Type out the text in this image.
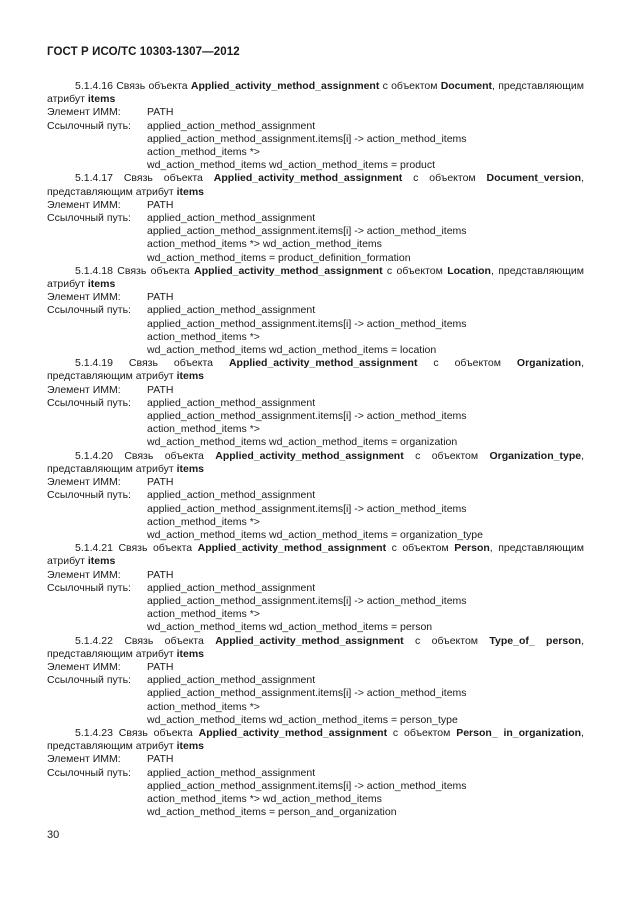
ГОСТ Р ИСО/ТС 10303-1307—2012

5.1.4.16 Связь объекта Applied_activity_method_assignment с объектом Document, представляющим атрибут items

Элемент ИММ:	PATH
Ссылочный путь:	applied_action_method_assignment
applied_action_method_assignment.items[i] -> action_method_items
action_method_items *>
wd_action_method_items wd_action_method_items = product

5.1.4.17 Связь объекта Applied_activity_method_assignment с объектом Document_version, представляющим атрибут items

Элемент ИММ:	PATH
Ссылочный путь:	applied_action_method_assignment
applied_action_method_assignment.items[i] -> action_method_items
action_method_items *> wd_action_method_items
wd_action_method_items = product_definition_formation

5.1.4.18 Связь объекта Applied_activity_method_assignment с объектом Location, представляющим атрибут items

Элемент ИММ:	PATH
Ссылочный путь:	applied_action_method_assignment
applied_action_method_assignment.items[i] -> action_method_items
action_method_items *>
wd_action_method_items wd_action_method_items = location

5.1.4.19 Связь объекта Applied_activity_method_assignment с объектом Organization, представляющим атрибут items

Элемент ИММ:	PATH
Ссылочный путь:	applied_action_method_assignment
applied_action_method_assignment.items[i] -> action_method_items
action_method_items *>
wd_action_method_items wd_action_method_items = organization

5.1.4.20 Связь объекта Applied_activity_method_assignment с объектом Organization_type, представляющим атрибут items

Элемент ИММ:	PATH
Ссылочный путь:	applied_action_method_assignment
applied_action_method_assignment.items[i] -> action_method_items
action_method_items *>
wd_action_method_items wd_action_method_items = organization_type

5.1.4.21 Связь объекта Applied_activity_method_assignment с объектом Person, представляющим атрибут items

Элемент ИММ:	PATH
Ссылочный путь:	applied_action_method_assignment
applied_action_method_assignment.items[i] -> action_method_items
action_method_items *>
wd_action_method_items wd_action_method_items = person

5.1.4.22 Связь объекта Applied_activity_method_assignment с объектом Type_of_ person, представляющим атрибут items

Элемент ИММ:	PATH
Ссылочный путь:	applied_action_method_assignment
applied_action_method_assignment.items[i] -> action_method_items
action_method_items *>
wd_action_method_items wd_action_method_items = person_type

5.1.4.23 Связь объекта Applied_activity_method_assignment с объектом Person_ in_organization, представляющим атрибут items

Элемент ИММ:	PATH
Ссылочный путь:	applied_action_method_assignment
applied_action_method_assignment.items[i] -> action_method_items
action_method_items *> wd_action_method_items
wd_action_method_items = person_and_organization
30
